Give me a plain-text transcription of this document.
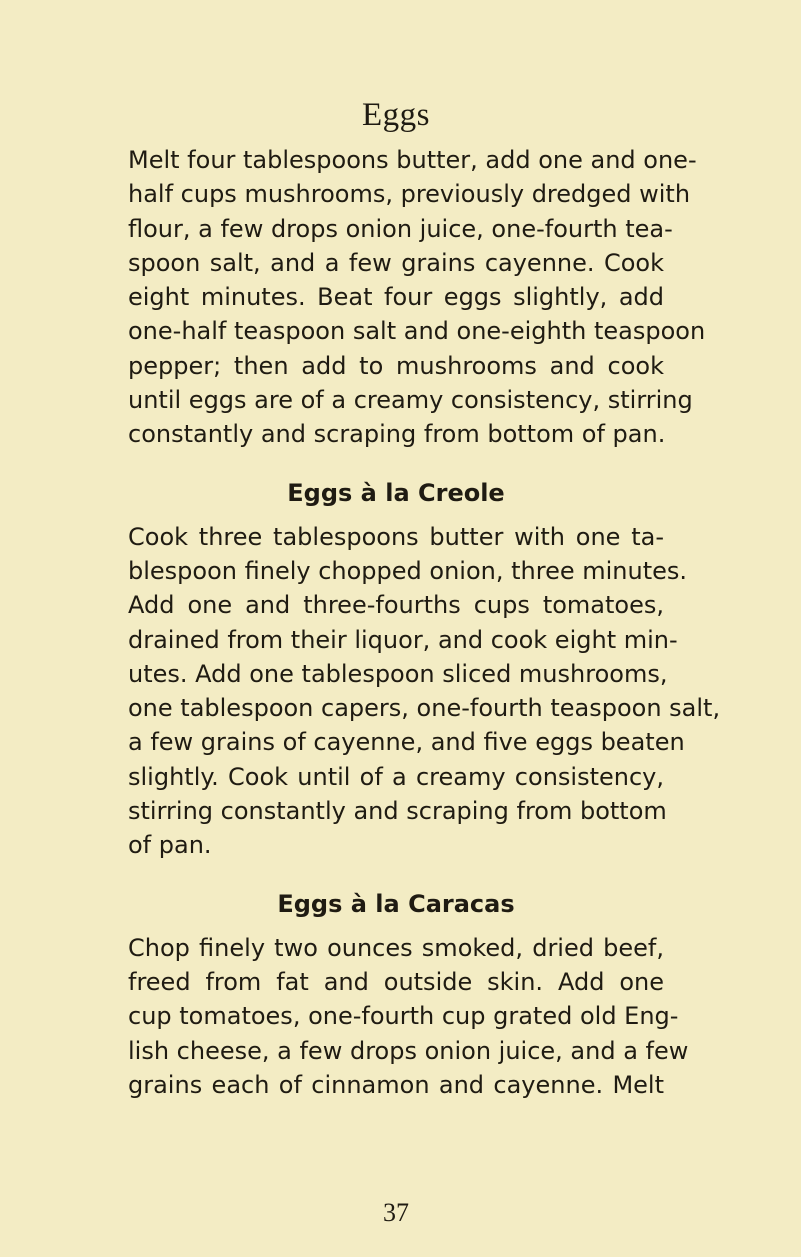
Eggs

Melt four tablespoons butter, add one and one-
half cups mushrooms, previously dredged with
flour, a few drops onion juice, one-fourth tea-
spoon salt, and a few grains cayenne. Cook
eight minutes. Beat four eggs slightly, add
one-half teaspoon salt and one-eighth teaspoon
pepper; then add to mushrooms and cook
until eggs are of a creamy consistency, stirring
constantly and scraping from bottom of pan.

Eggs à la Creole

Cook three tablespoons butter with one ta-
blespoon finely chopped onion, three minutes.
Add one and three-fourths cups tomatoes,
drained from their liquor, and cook eight min-
utes. Add one tablespoon sliced mushrooms,
one tablespoon capers, one-fourth teaspoon salt,
a few grains of cayenne, and five eggs beaten
slightly. Cook until of a creamy consistency,
stirring constantly and scraping from bottom
of pan.

Eggs à la Caracas

Chop finely two ounces smoked, dried beef,
freed from fat and outside skin. Add one
cup tomatoes, one-fourth cup grated old Eng-
lish cheese, a few drops onion juice, and a few
grains each of cinnamon and cayenne. Melt

37
